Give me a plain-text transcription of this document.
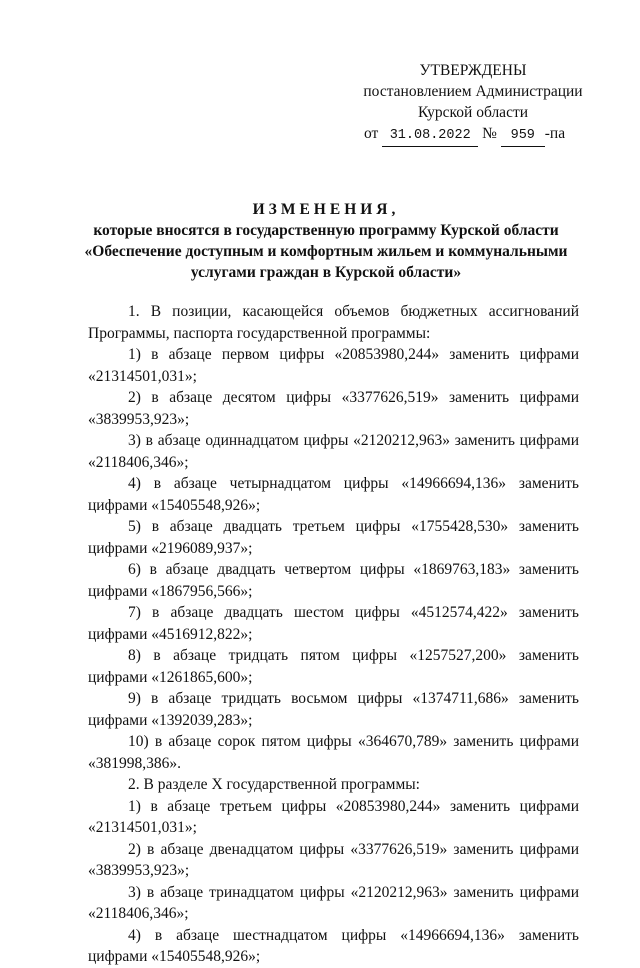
УТВЕРЖДЕНЫ
постановлением Администрации
Курской области
от 31.08.2022 № 959 -па
ИЗМЕНЕНИЯ,
которые вносятся в государственную программу Курской области
«Обеспечение доступным и комфортным жильем и коммунальными
услугами граждан в Курской области»

1. В позиции, касающейся объемов бюджетных ассигнований Программы, паспорта государственной программы:

1) в абзаце первом цифры «20853980,244» заменить цифрами «21314501,031»;

2) в абзаце десятом цифры «3377626,519» заменить цифрами «3839953,923»;

3) в абзаце одиннадцатом цифры «2120212,963» заменить цифрами «2118406,346»;

4) в абзаце четырнадцатом цифры «14966694,136» заменить цифрами «15405548,926»;

5) в абзаце двадцать третьем цифры «1755428,530» заменить цифрами «2196089,937»;

6) в абзаце двадцать четвертом цифры «1869763,183» заменить цифрами «1867956,566»;

7) в абзаце двадцать шестом цифры «4512574,422» заменить цифрами «4516912,822»;

8) в абзаце тридцать пятом цифры «1257527,200» заменить цифрами «1261865,600»;

9) в абзаце тридцать восьмом цифры «1374711,686» заменить цифрами «1392039,283»;

10) в абзаце сорок пятом цифры «364670,789» заменить цифрами «381998,386».

2. В разделе X государственной программы:

1) в абзаце третьем цифры «20853980,244» заменить цифрами «21314501,031»;

2) в абзаце двенадцатом цифры «3377626,519» заменить цифрами «3839953,923»;

3) в абзаце тринадцатом цифры «2120212,963» заменить цифрами «2118406,346»;

4) в абзаце шестнадцатом цифры «14966694,136» заменить цифрами «15405548,926»;
